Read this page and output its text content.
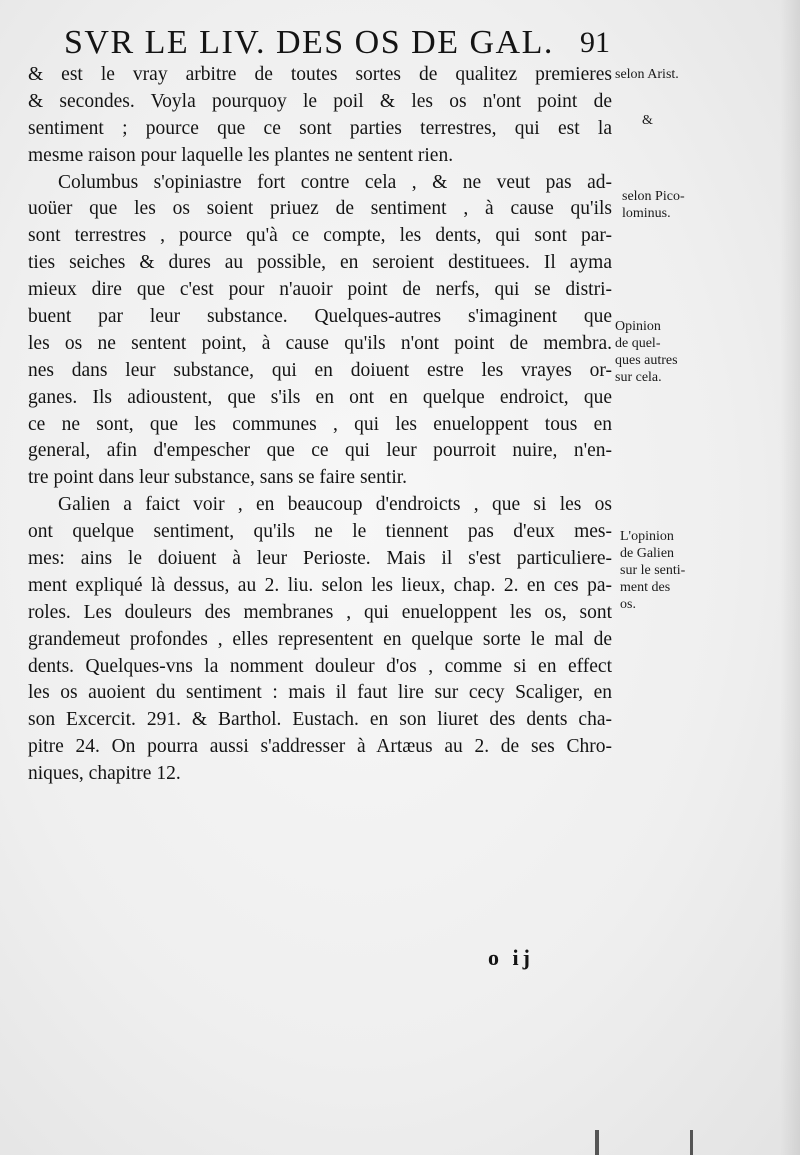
SVR LE LIV. DES OS DE GAL. 91
& est le vray arbitre de toutes sortes de qualitez premieres
& secondes. Voyla pourquoy le poil & les os n'ont point de
sentiment ; pource que ce sont parties terrestres, qui est la
mesme raison pour laquelle les plantes ne sentent rien.
Columbus s'opiniastre fort contre cela , & ne veut pas ad-
uoüer que les os soient priuez de sentiment , à cause qu'ils
sont terrestres , pource qu'à ce compte, les dents, qui sont par-
ties seiches & dures au possible, en seroient destituees. Il ayma
mieux dire que c'est pour n'auoir point de nerfs, qui se distri-
buent par leur substance. Quelques-autres s'imaginent que
les os ne sentent point, à cause qu'ils n'ont point de membra.
nes dans leur substance, qui en doiuent estre les vrayes or-
ganes. Ils adioustent, que s'ils en ont en quelque endroict, que
ce ne sont, que les communes , qui les enueloppent tous en
general, afin d'empescher que ce qui leur pourroit nuire, n'en-
tre point dans leur substance, sans se faire sentir.
Galien a faict voir , en beaucoup d'endroicts , que si les os
ont quelque sentiment, qu'ils ne le tiennent pas d'eux mes-
mes: ains le doiuent à leur Perioste. Mais il s'est particuliere-
ment expliqué là dessus, au 2. liu. selon les lieux, chap. 2. en ces pa-
roles. Les douleurs des membranes , qui enueloppent les os, sont
grandemeut profondes , elles representent en quelque sorte le mal de
dents. Quelques-vns la nomment douleur d'os , comme si en effect
les os auoient du sentiment : mais il faut lire sur cecy Scaliger, en
son Excercit. 291. & Barthol. Eustach. en son liuret des dents cha-
pitre 24. On pourra aussi s'addresser à Artæus au 2. de ses Chro-
niques, chapitre 12.
selon Arist.
&
selon Pico-
lominus.
Opinion
de quel-
ques autres
sur cela.
L'opinion
de Galien
sur le senti-
ment des
os.
o ij
